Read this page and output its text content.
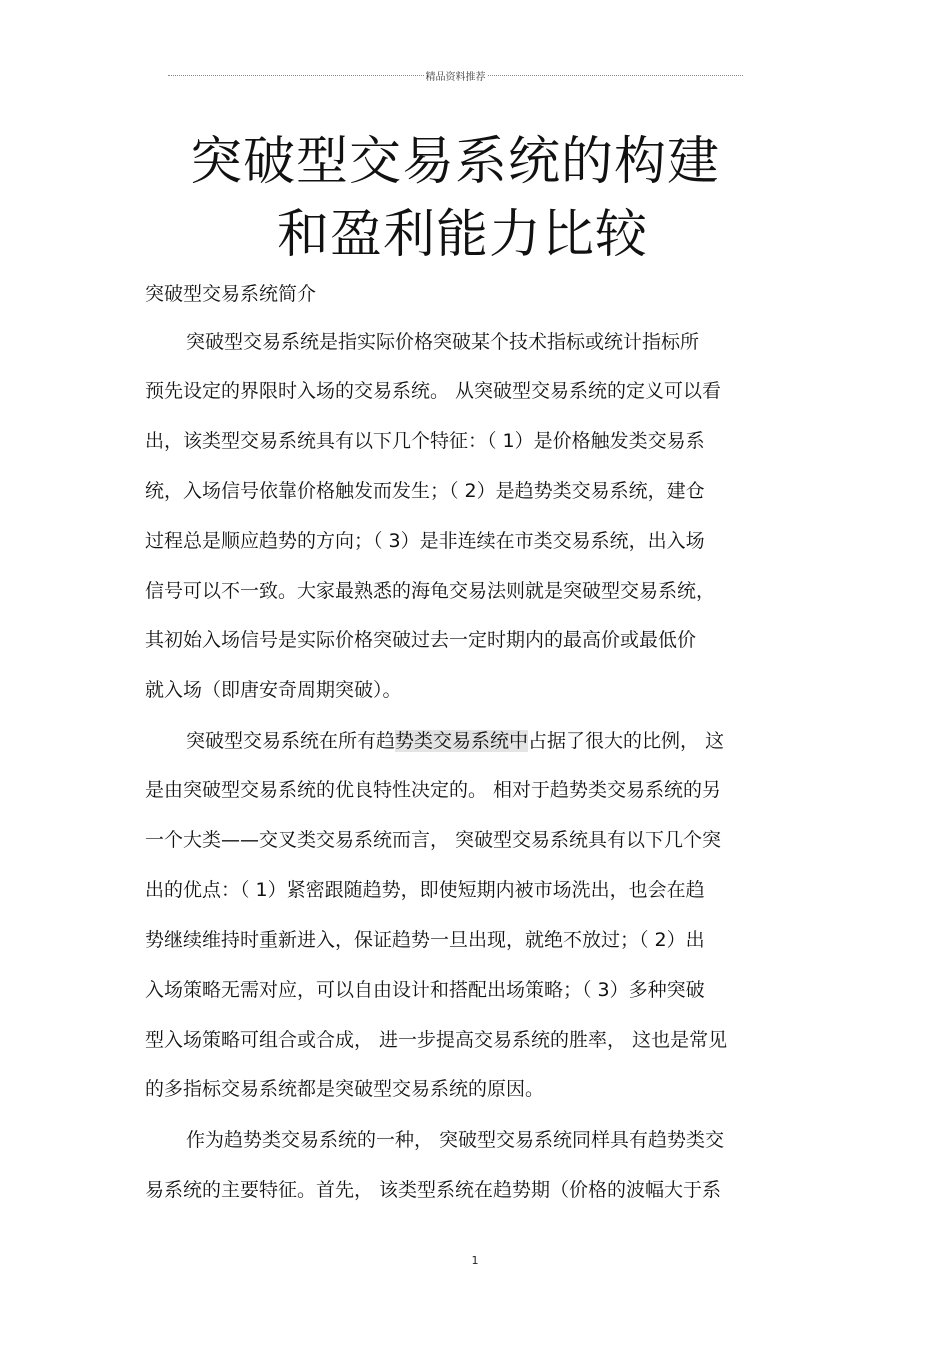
精品资料推荐
突破型交易系统的构建
和盈利能力比较
突破型交易系统简介
突破型交易系统是指实际价格突破某个技术指标或统计指标所
预先设定的界限时入场的交易系统。 从突破型交易系统的定义可以看
出，该类型交易系统具有以下几个特征：（ 1）是价格触发类交易系
统，入场信号依靠价格触发而发生；（ 2）是趋势类交易系统，建仓
过程总是顺应趋势的方向；（ 3）是非连续在市类交易系统，出入场
信号可以不一致。大家最熟悉的海龟交易法则就是突破型交易系统，
其初始入场信号是实际价格突破过去一定时期内的最高价或最低价
就入场（即唐安奇周期突破）。
突破型交易系统在所有趋势类交易系统中占据了很大的比例， 这
是由突破型交易系统的优良特性决定的。 相对于趋势类交易系统的另
一个大类——交叉类交易系统而言， 突破型交易系统具有以下几个突
出的优点：（ 1）紧密跟随趋势，即使短期内被市场洗出，也会在趋
势继续维持时重新进入，保证趋势一旦出现，就绝不放过；（ 2）出
入场策略无需对应，可以自由设计和搭配出场策略；（ 3）多种突破
型入场策略可组合或合成， 进一步提高交易系统的胜率， 这也是常见
的多指标交易系统都是突破型交易系统的原因。
作为趋势类交易系统的一种， 突破型交易系统同样具有趋势类交
易系统的主要特征。首先， 该类型系统在趋势期（价格的波幅大于系
1
